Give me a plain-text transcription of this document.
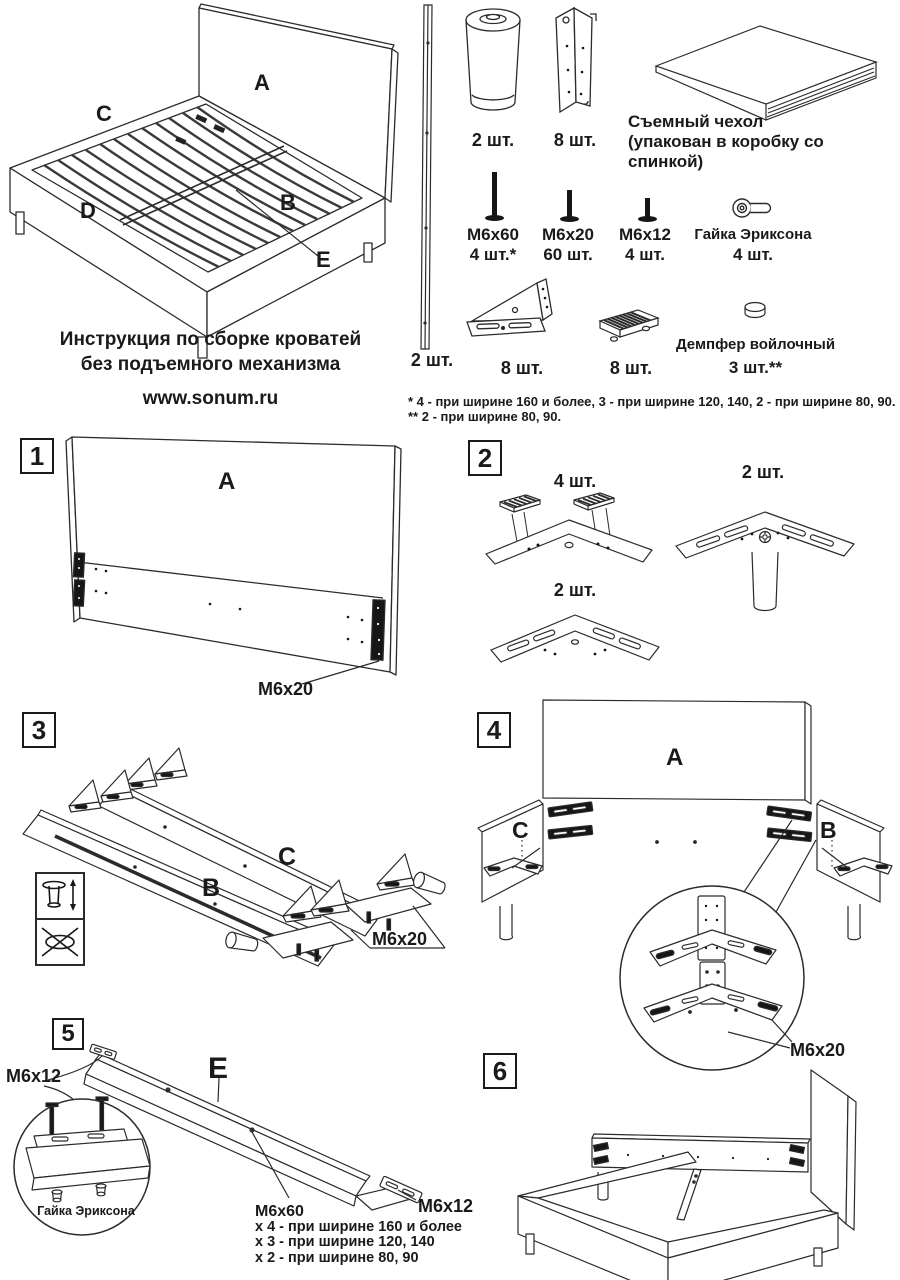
A
C
D	B
E
Инструкция по сборке кроватей
без подъемного механизма
www.sonum.ru
2 шт.
2 шт.	8 шт.
Съемный чехол
(упакован в коробку со спинкой)
M6x60
4 шт.*
M6x20
60 шт.
M6x12
4 шт.
Гайка Эриксона
4 шт.
8 шт.	8 шт.
Демпфер войлочный
3 шт.**
* 4 - при ширине 160 и более, 3 - при ширине 120, 140, 2 - при ширине 80, 90.
** 2 - при ширине 80, 90.
1
A
M6x20
2
4 шт.	2 шт.
2 шт.
3
B
C
M6x20
4
A
C	B
M6x20
5
M6x12	E
Гайка Эриксона	M6x60
x 4 - при ширине 160 и более
x 3 - при ширине 120, 140
x 2 - при ширине 80, 90
M6x12
6
